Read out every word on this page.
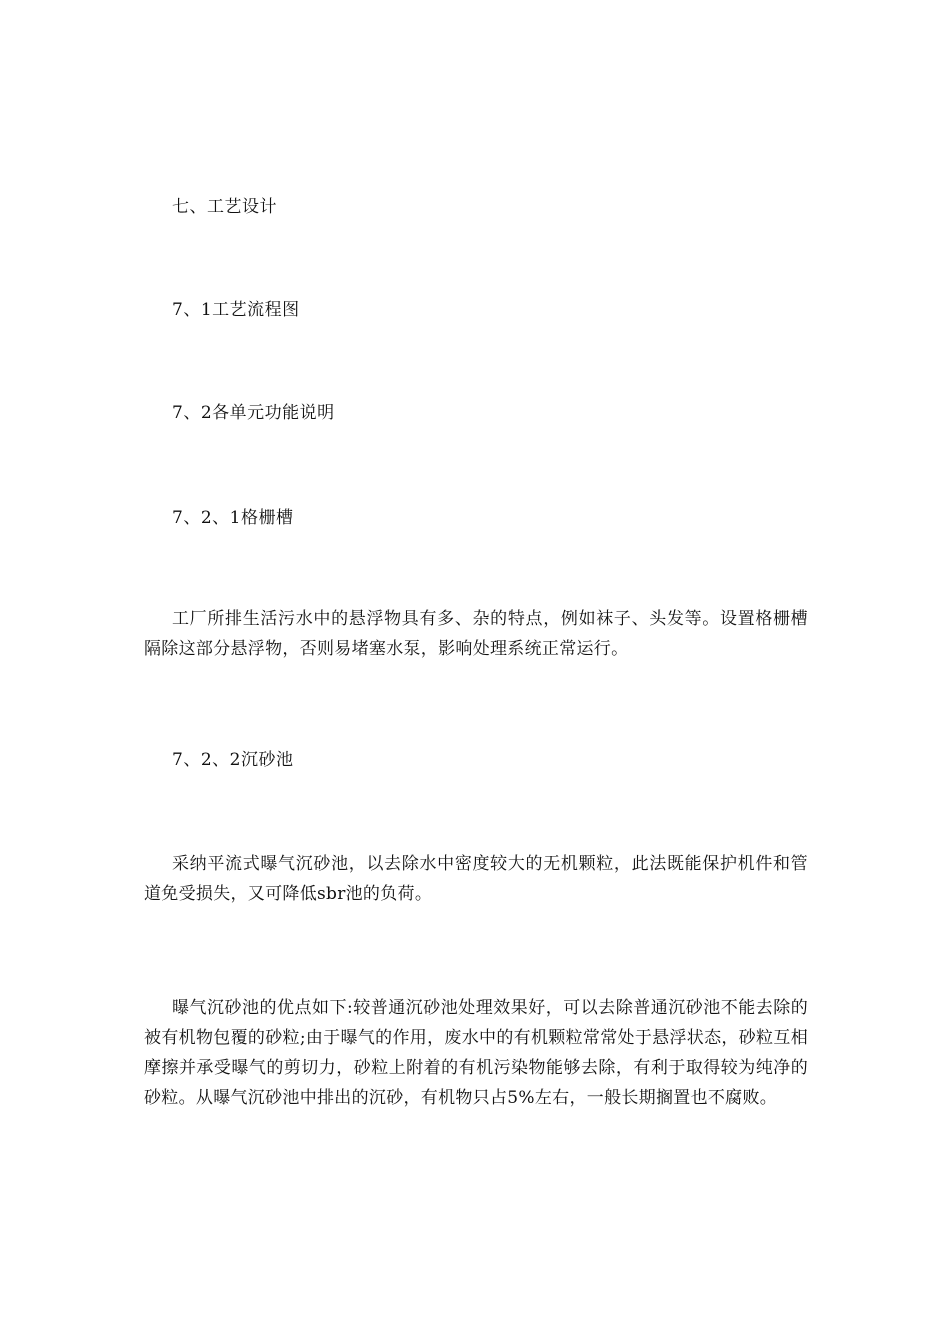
七、工艺设计
7、1工艺流程图
7、2各单元功能说明
7、2、1格栅槽
工厂所排生活污水中的悬浮物具有多、杂的特点，例如袜子、头发等。设置格栅槽隔除这部分悬浮物，否则易堵塞水泵，影响处理系统正常运行。
7、2、2沉砂池
采纳平流式曝气沉砂池，以去除水中密度较大的无机颗粒，此法既能保护机件和管道免受损失，又可降低sbr池的负荷。
曝气沉砂池的优点如下:较普通沉砂池处理效果好，可以去除普通沉砂池不能去除的被有机物包覆的砂粒;由于曝气的作用，废水中的有机颗粒常常处于悬浮状态，砂粒互相摩擦并承受曝气的剪切力，砂粒上附着的有机污染物能够去除，有利于取得较为纯净的砂粒。从曝气沉砂池中排出的沉砂，有机物只占5%左右，一般长期搁置也不腐败。
